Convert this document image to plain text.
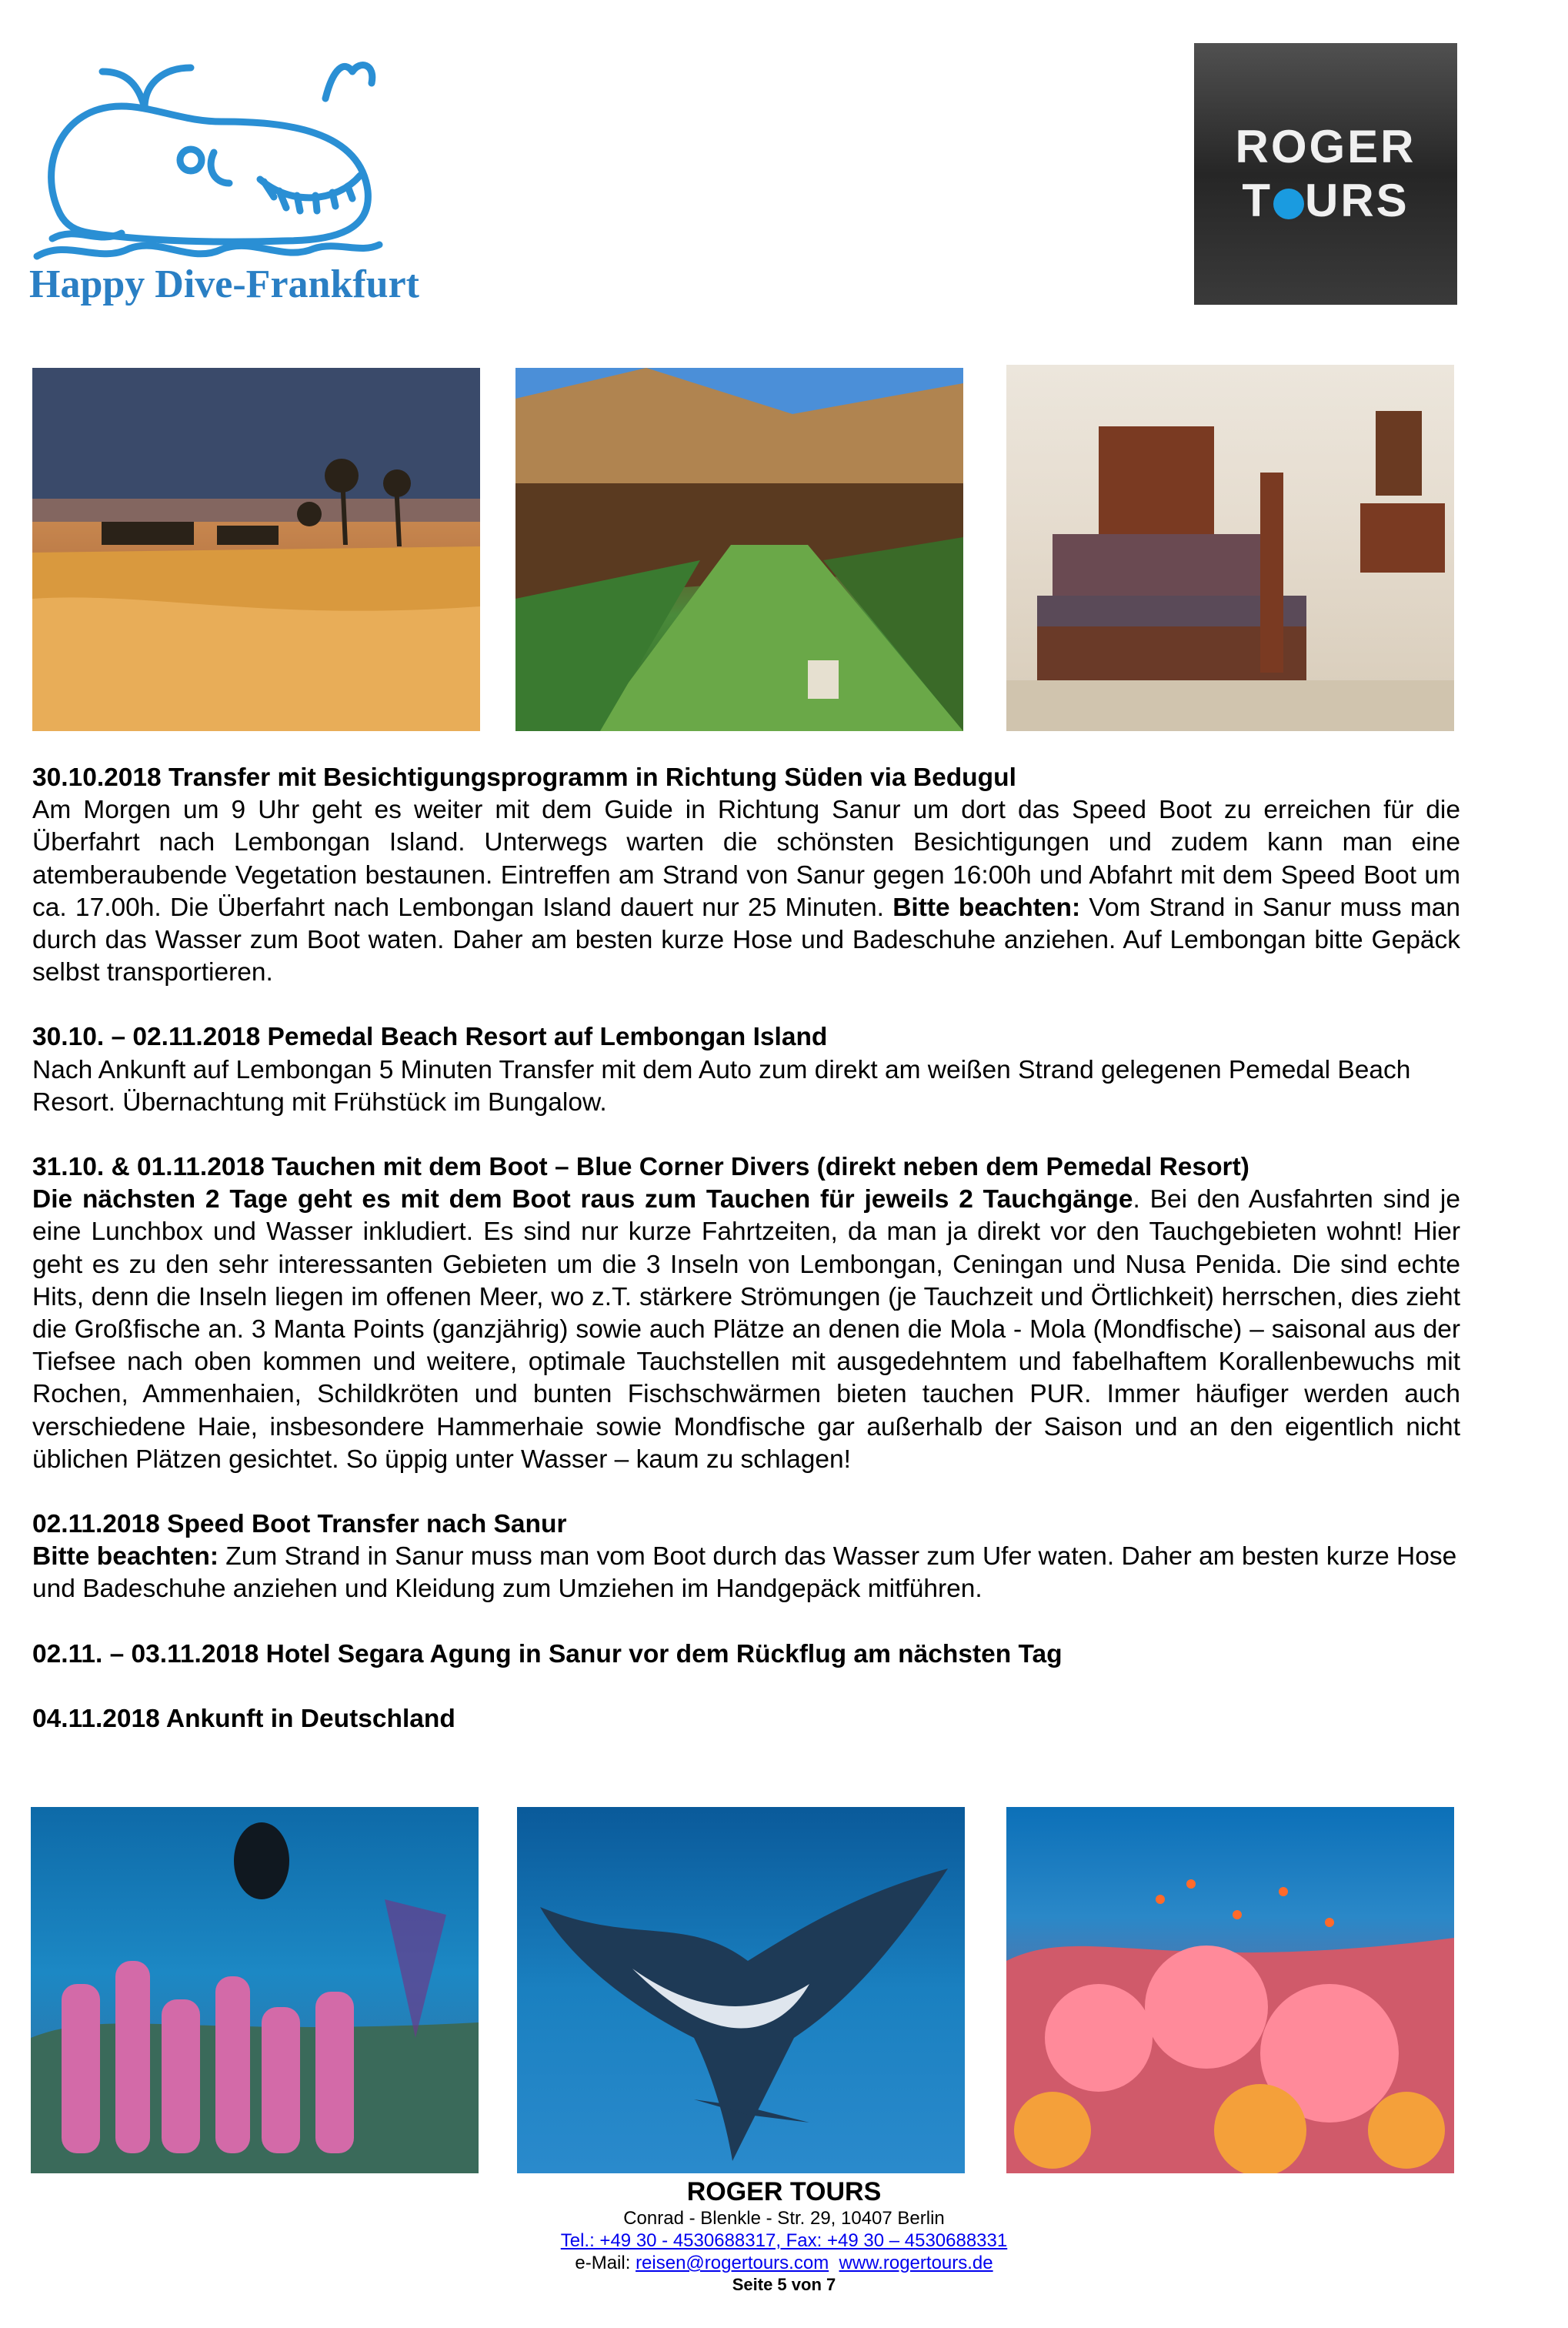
Happy Dive-Frankfurt
ROGER
T URS
30.10.2018 Transfer mit Besichtigungsprogramm in Richtung Süden via Bedugul
Am Morgen um 9 Uhr geht es weiter mit dem Guide in Richtung Sanur um dort das Speed Boot zu erreichen für die Überfahrt nach Lembongan Island. Unterwegs warten die schönsten Besichtigungen und zudem kann man eine atemberaubende Vegetation bestaunen. Eintreffen am Strand von Sanur gegen 16:00h und Abfahrt mit dem Speed Boot um ca. 17.00h. Die Überfahrt nach Lembongan Island dauert nur 25 Minuten. Bitte beachten: Vom Strand in Sanur muss man durch das Wasser zum Boot waten. Daher am besten kurze Hose und Badeschuhe anziehen. Auf Lembongan bitte Gepäck selbst transportieren.
30.10. – 02.11.2018 Pemedal Beach Resort auf Lembongan Island
Nach Ankunft auf Lembongan 5 Minuten Transfer mit dem Auto zum direkt am weißen Strand gelegenen Pemedal Beach Resort. Übernachtung mit Frühstück im Bungalow.
31.10. & 01.11.2018 Tauchen mit dem Boot – Blue Corner Divers (direkt neben dem Pemedal Resort)
Die nächsten 2 Tage geht es mit dem Boot raus zum Tauchen für jeweils 2 Tauchgänge. Bei den Ausfahrten sind je eine Lunchbox und Wasser inkludiert. Es sind nur kurze Fahrtzeiten, da man ja direkt vor den Tauchgebieten wohnt! Hier geht es zu den sehr interessanten Gebieten um die 3 Inseln von Lembongan, Ceningan und Nusa Penida. Die sind echte Hits, denn die Inseln liegen im offenen Meer, wo z.T. stärkere Strömungen (je Tauchzeit und Örtlichkeit) herrschen, dies zieht die Großfische an. 3 Manta Points (ganzjährig) sowie auch Plätze an denen die Mola - Mola (Mondfische) – saisonal aus der Tiefsee nach oben kommen und weitere, optimale Tauchstellen mit ausgedehntem und fabelhaftem Korallenbewuchs mit Rochen, Ammenhaien, Schildkröten und bunten Fischschwärmen bieten tauchen PUR. Immer häufiger werden auch verschiedene Haie, insbesondere Hammerhaie sowie Mondfische gar außerhalb der Saison und an den eigentlich nicht üblichen Plätzen gesichtet. So üppig unter Wasser – kaum zu schlagen!
02.11.2018 Speed Boot Transfer nach Sanur
Bitte beachten: Zum Strand in Sanur muss man vom Boot durch das Wasser zum Ufer waten. Daher am besten kurze Hose und Badeschuhe anziehen und Kleidung zum Umziehen im Handgepäck mitführen.
02.11. – 03.11.2018 Hotel Segara Agung in Sanur vor dem Rückflug am nächsten Tag
04.11.2018 Ankunft in Deutschland
ROGER TOURS
Conrad - Blenkle - Str. 29, 10407 Berlin
Tel.: +49 30 - 4530688317, Fax: +49 30 – 4530688331
e-Mail: reisen@rogertours.com www.rogertours.de
Seite 5 von 7
